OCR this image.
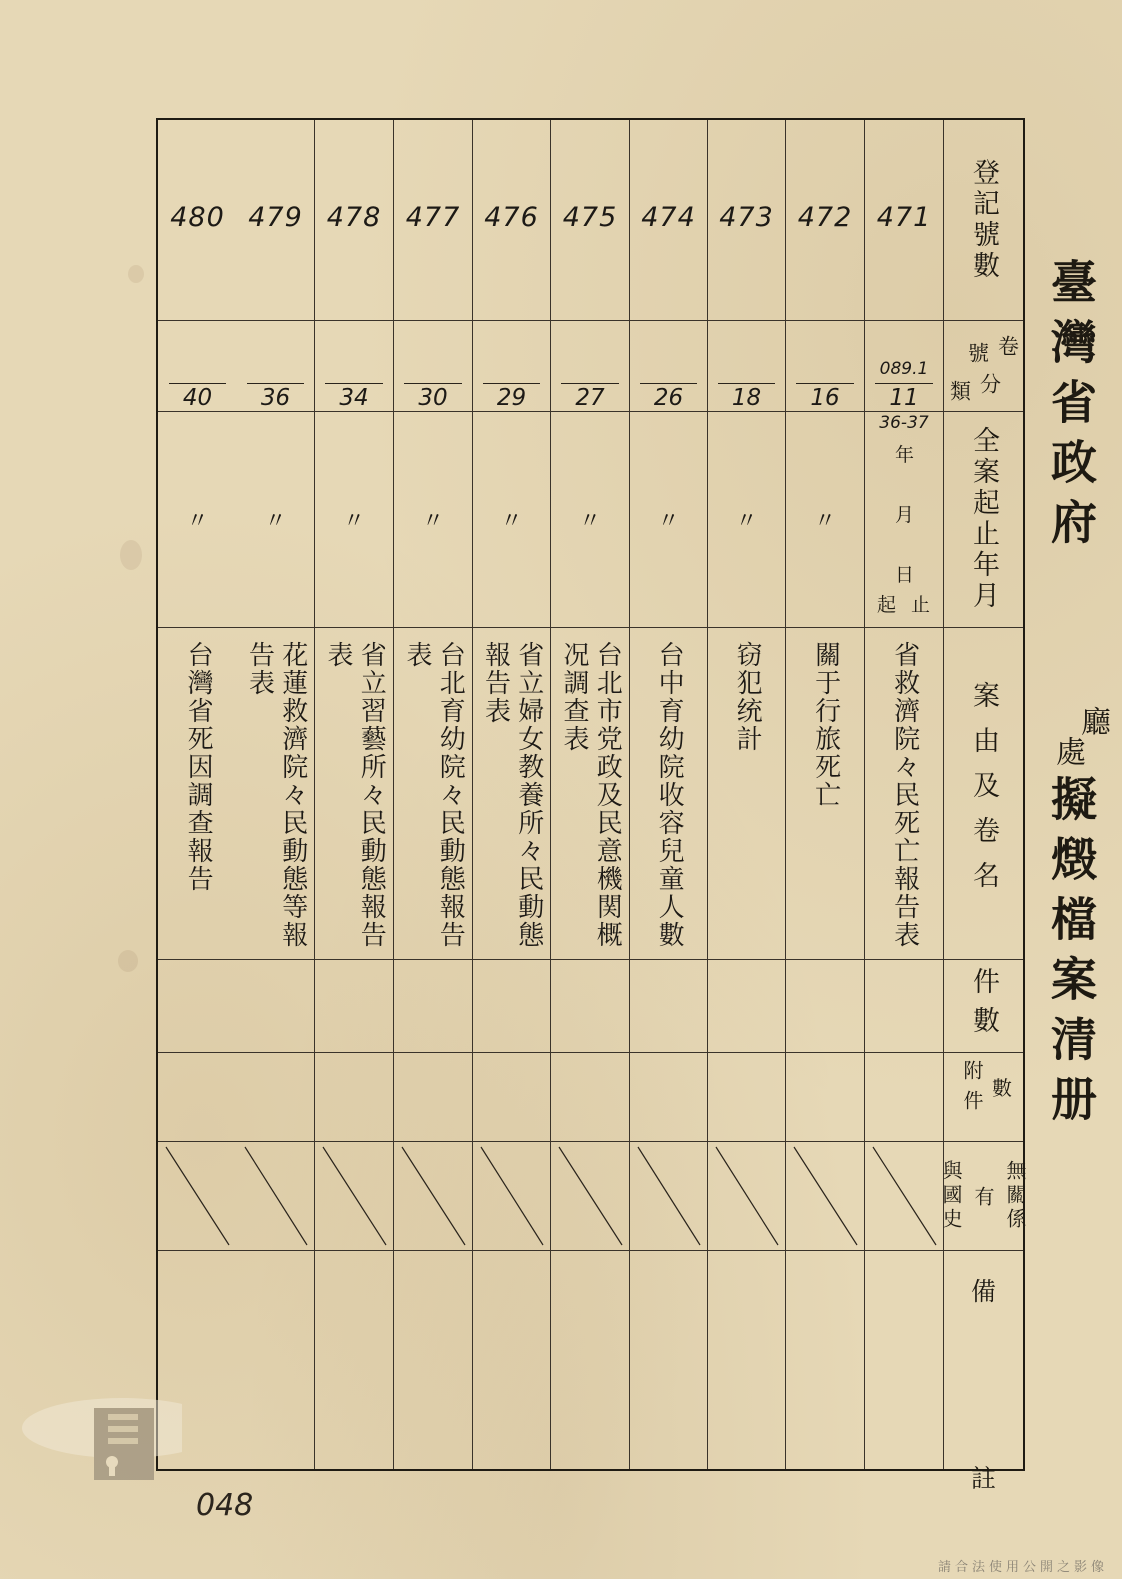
臺灣省政府
廳
處
擬燬檔案清册
471
089.1
11
36-37
省救濟院々民死亡報告表
472
16
〃
關于行旅死亡
473
18
〃
窃犯统計
474
26
〃
台中育幼院收容兒童人數
475
27
〃
台北市党政及民意機関概况調查表
476
29
〃
省立婦女教養所々民動態報告表
477
30
〃
台北育幼院々民動態報告表
478
34
〃
省立習藝所々民動態報告表
479
36
〃
花蓮救濟院々民動態等報告表
480
40
〃
台灣省死因調查報告
登記號數
卷
號
分
類
全案起止年月
案由及卷名
件數
數
附件
無關係
有
與國史
備
註
年
月
日
起 止
048
請合法使用公開之影像
